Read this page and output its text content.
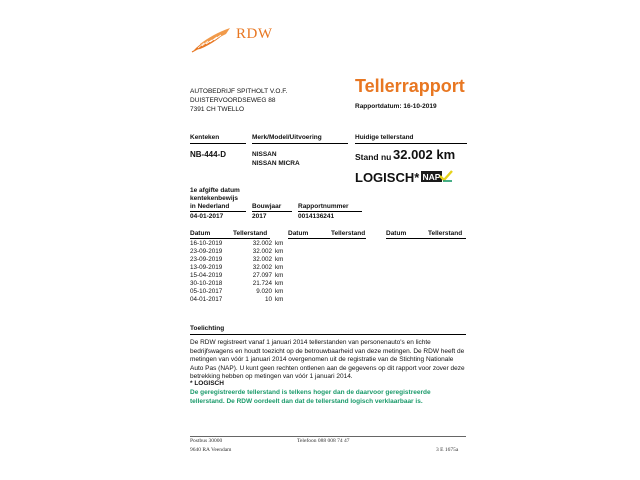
RDW
AUTOBEDRIJF SPITHOLT V.O.F.
DUISTERVOORDSEWEG 88
7391 CH TWELLO
Tellerrapport
Rapportdatum: 16-10-2019
Kenteken	Merk/Model/Uitvoering	Huidige tellerstand
NB-444-D	NISSAN
NISSAN MICRA
Stand nu 32.002 km
LOGISCH* NAP
1e afgifte datum
kentekenbewijs
in Nederland	Bouwjaar	Rapportnummer
04-01-2017	2017	0014136241
Datum	Tellerstand	Datum	Tellerstand	Datum	Tellerstand
16-10-2019	32.002	km
23-09-2019	32.002	km
23-09-2019	32.002	km
13-09-2019	32.002	km
15-04-2019	27.097	km
30-10-2018	21.724	km
05-10-2017	9.020	km
04-01-2017	10	km
Toelichting
De RDW registreert vanaf 1 januari 2014 tellerstanden van personenauto's en lichte bedrijfswagens en houdt toezicht op de betrouwbaarheid van deze metingen. De RDW heeft de metingen van vóór 1 januari 2014 overgenomen uit de registratie van de Stichting Nationale Auto Pas (NAP). U kunt geen rechten ontlenen aan de gegevens op dit rapport voor zover deze betrekking hebben op metingen van vóór 1 januari 2014.
* LOGISCH
De geregistreerde tellerstand is telkens hoger dan de daarvoor geregistreerde tellerstand. De RDW oordeelt dan dat de tellerstand logisch verklaarbaar is.
Postbus 30000
9640 RA Veendam
Telefoon 088 008 74 47
3 E 1675a
